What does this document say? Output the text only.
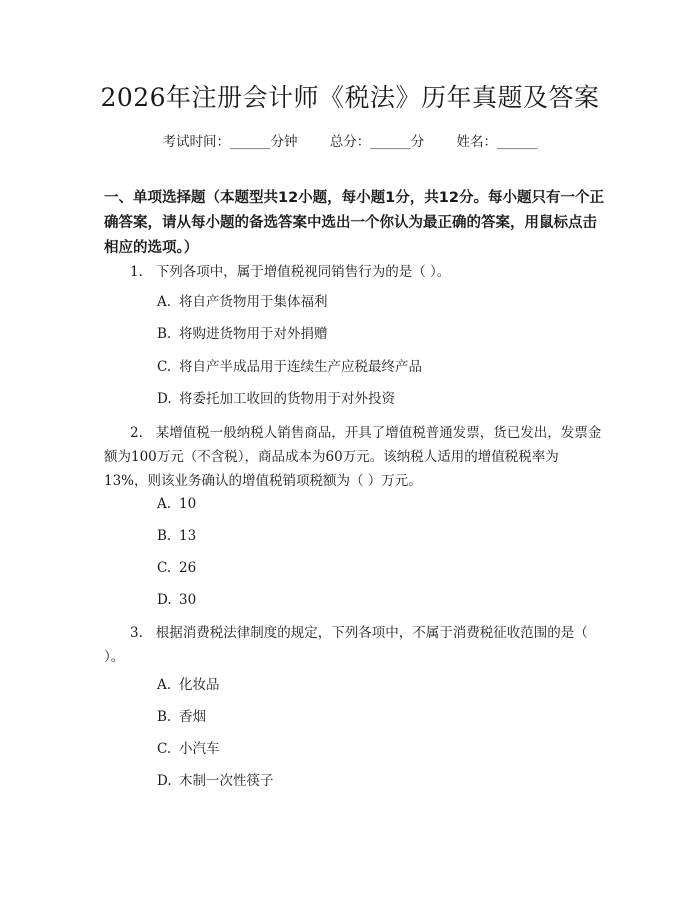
2026年注册会计师《税法》历年真题及答案
考试时间：______分钟 总分：______分 姓名：______
一、单项选择题（本题型共12小题，每小题1分，共12分。每小题只有一个正确答案，请从每小题的备选答案中选出一个你认为最正确的答案，用鼠标点击相应的选项。）
1. 下列各项中，属于增值税视同销售行为的是（ ）。
A. 将自产货物用于集体福利
B. 将购进货物用于对外捐赠
C. 将自产半成品用于连续生产应税最终产品
D. 将委托加工收回的货物用于对外投资
2. 某增值税一般纳税人销售商品，开具了增值税普通发票，货已发出，发票金额为100万元（不含税），商品成本为60万元。该纳税人适用的增值税税率为13%，则该业务确认的增值税销项税额为（ ）万元。
A. 10
B. 13
C. 26
D. 30
3. 根据消费税法律制度的规定，下列各项中，不属于消费税征收范围的是（ ）。
A. 化妆品
B. 香烟
C. 小汽车
D. 木制一次性筷子
